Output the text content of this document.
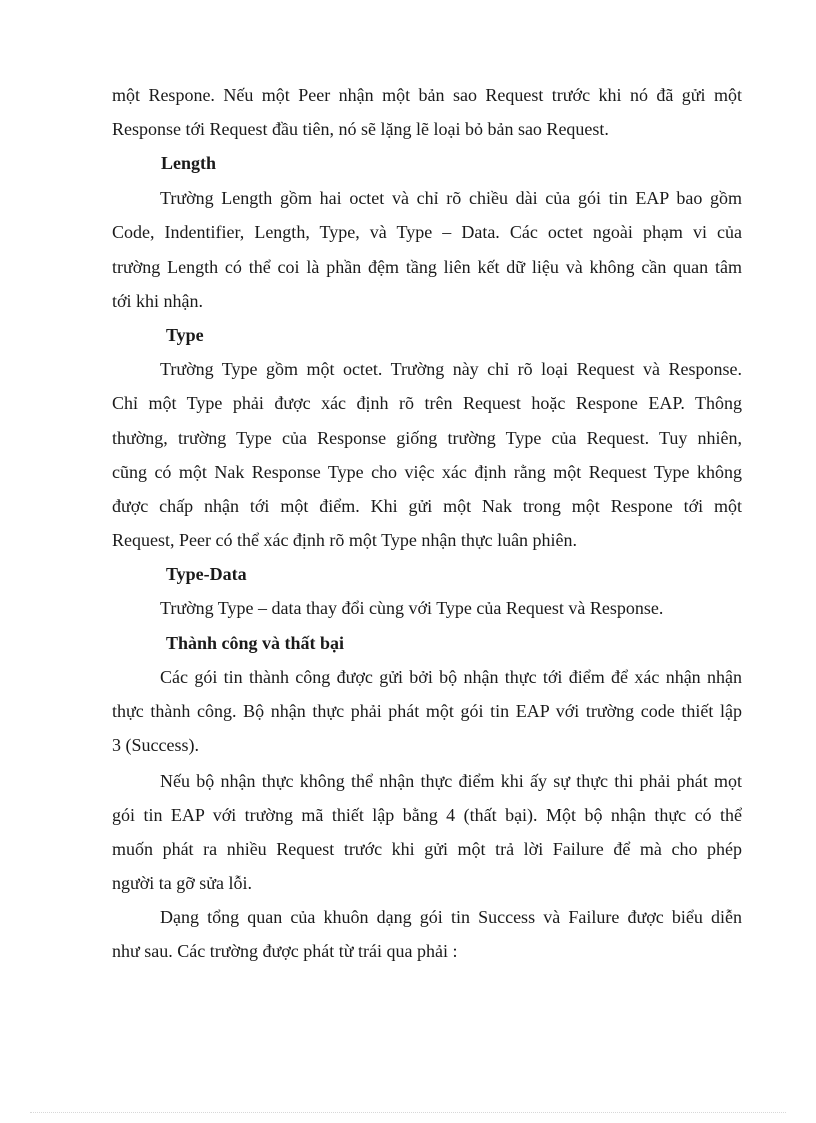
một Respone. Nếu một Peer nhận một bản sao Request trước khi nó đã gửi một
Response tới Request đầu tiên, nó sẽ lặng lẽ loại bỏ bản sao Request.
Length
Trường Length gồm hai octet và chỉ rõ chiều dài của gói tin EAP bao gồm
Code, Indentifier, Length, Type, và Type – Data. Các octet ngoài phạm vi của
trường Length có thể coi là phần đệm tầng liên kết dữ liệu và không cần quan tâm
tới khi nhận.
Type
Trường Type gồm một octet. Trường này chỉ rõ loại Request và Response.
Chỉ một Type phải được xác định rõ trên Request hoặc Respone EAP. Thông
thường, trường Type của Response giống trường Type của Request. Tuy nhiên,
cũng có một Nak Response Type cho việc xác định rằng một Request Type không
được chấp nhận tới một điểm. Khi gửi một Nak trong một Respone tới một
Request, Peer có thể xác định rõ một Type nhận thực luân phiên.
Type-Data
Trường Type – data thay đổi cùng với Type của Request và Response.
Thành công và thất bại
Các gói tin thành công được gửi bởi bộ nhận thực tới điểm để xác nhận nhận
thực thành công. Bộ nhận thực phải phát một gói tin EAP với trường code thiết lập
3 (Success).
Nếu bộ nhận thực không thể nhận thực điểm khi ấy sự thực thi phải phát mọt
gói tin EAP với trường mã thiết lập bằng 4 (thất bại). Một bộ nhận thực có thể
muốn phát ra nhiều Request trước khi gửi một trả lời Failure để mà cho phép
người ta gỡ sửa lỗi.
Dạng tổng quan của khuôn dạng gói tin Success và Failure được biểu diễn
như sau. Các trường được phát từ trái qua phải :
